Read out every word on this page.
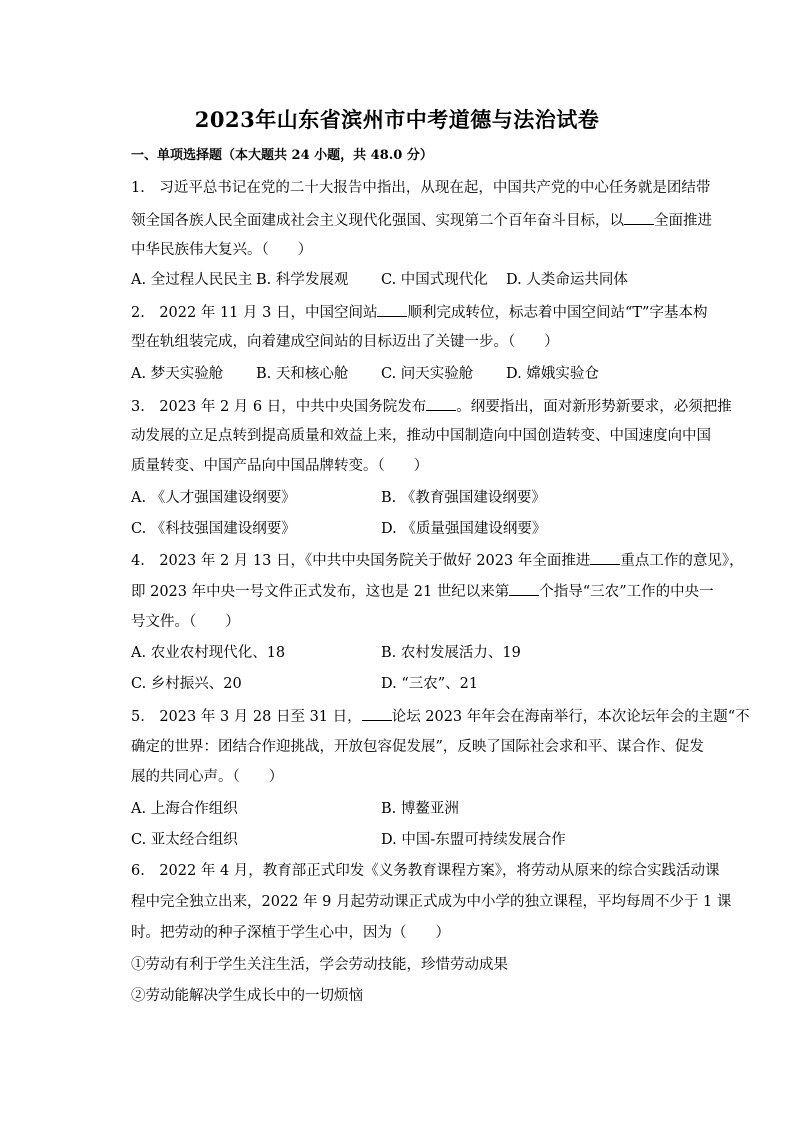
2023年山东省滨州市中考道德与法治试卷
一、单项选择题（本大题共 24 小题，共 48.0 分）
1.　习近平总书记在党的二十大报告中指出，从现在起，中国共产党的中心任务就是团结带
领全国各族人民全面建成社会主义现代化强国、实现第二个百年奋斗目标，以 全面推进
中华民族伟大复兴。（　　）
A. 全过程人民民主 B. 科学发展观 C. 中国式现代化 D. 人类命运共同体
2.　2022 年 11 月 3 日，中国空间站 顺利完成转位，标志着中国空间站“T”字基本构
型在轨组装完成，向着建成空间站的目标迈出了关键一步。（　　）
A. 梦天实验舱 B. 天和核心舱 C. 问天实验舱 D. 嫦娥实验仓
3.　2023 年 2 月 6 日，中共中央国务院发布 。纲要指出，面对新形势新要求，必须把推
动发展的立足点转到提高质量和效益上来，推动中国制造向中国创造转变、中国速度向中国
质量转变、中国产品向中国品牌转变。（　　）
A. 《人才强国建设纲要》	B. 《教育强国建设纲要》
C. 《科技强国建设纲要》	D. 《质量强国建设纲要》
4.　2023 年 2 月 13 日，《中共中央国务院关于做好 2023 年全面推进 重点工作的意见》，
即 2023 年中央一号文件正式发布，这也是 21 世纪以来第 个指导“三农”工作的中央一
号文件。（　　）
A. 农业农村现代化、18	B. 农村发展活力、19
C. 乡村振兴、20	D. “三农”、21
5.　2023 年 3 月 28 日至 31 日， 论坛 2023 年年会在海南举行，本次论坛年会的主题“不
确定的世界：团结合作迎挑战，开放包容促发展”，反映了国际社会求和平、谋合作、促发
展的共同心声。（　　）
A. 上海合作组织	B. 博鳌亚洲
C. 亚太经合组织	D. 中国-东盟可持续发展合作
6.　2022 年 4 月，教育部正式印发《义务教育课程方案》，将劳动从原来的综合实践活动课
程中完全独立出来，2022 年 9 月起劳动课正式成为中小学的独立课程，平均每周不少于 1 课
时。把劳动的种子深植于学生心中，因为（　　）
①劳动有利于学生关注生活，学会劳动技能，珍惜劳动成果
②劳动能解决学生成长中的一切烦恼
